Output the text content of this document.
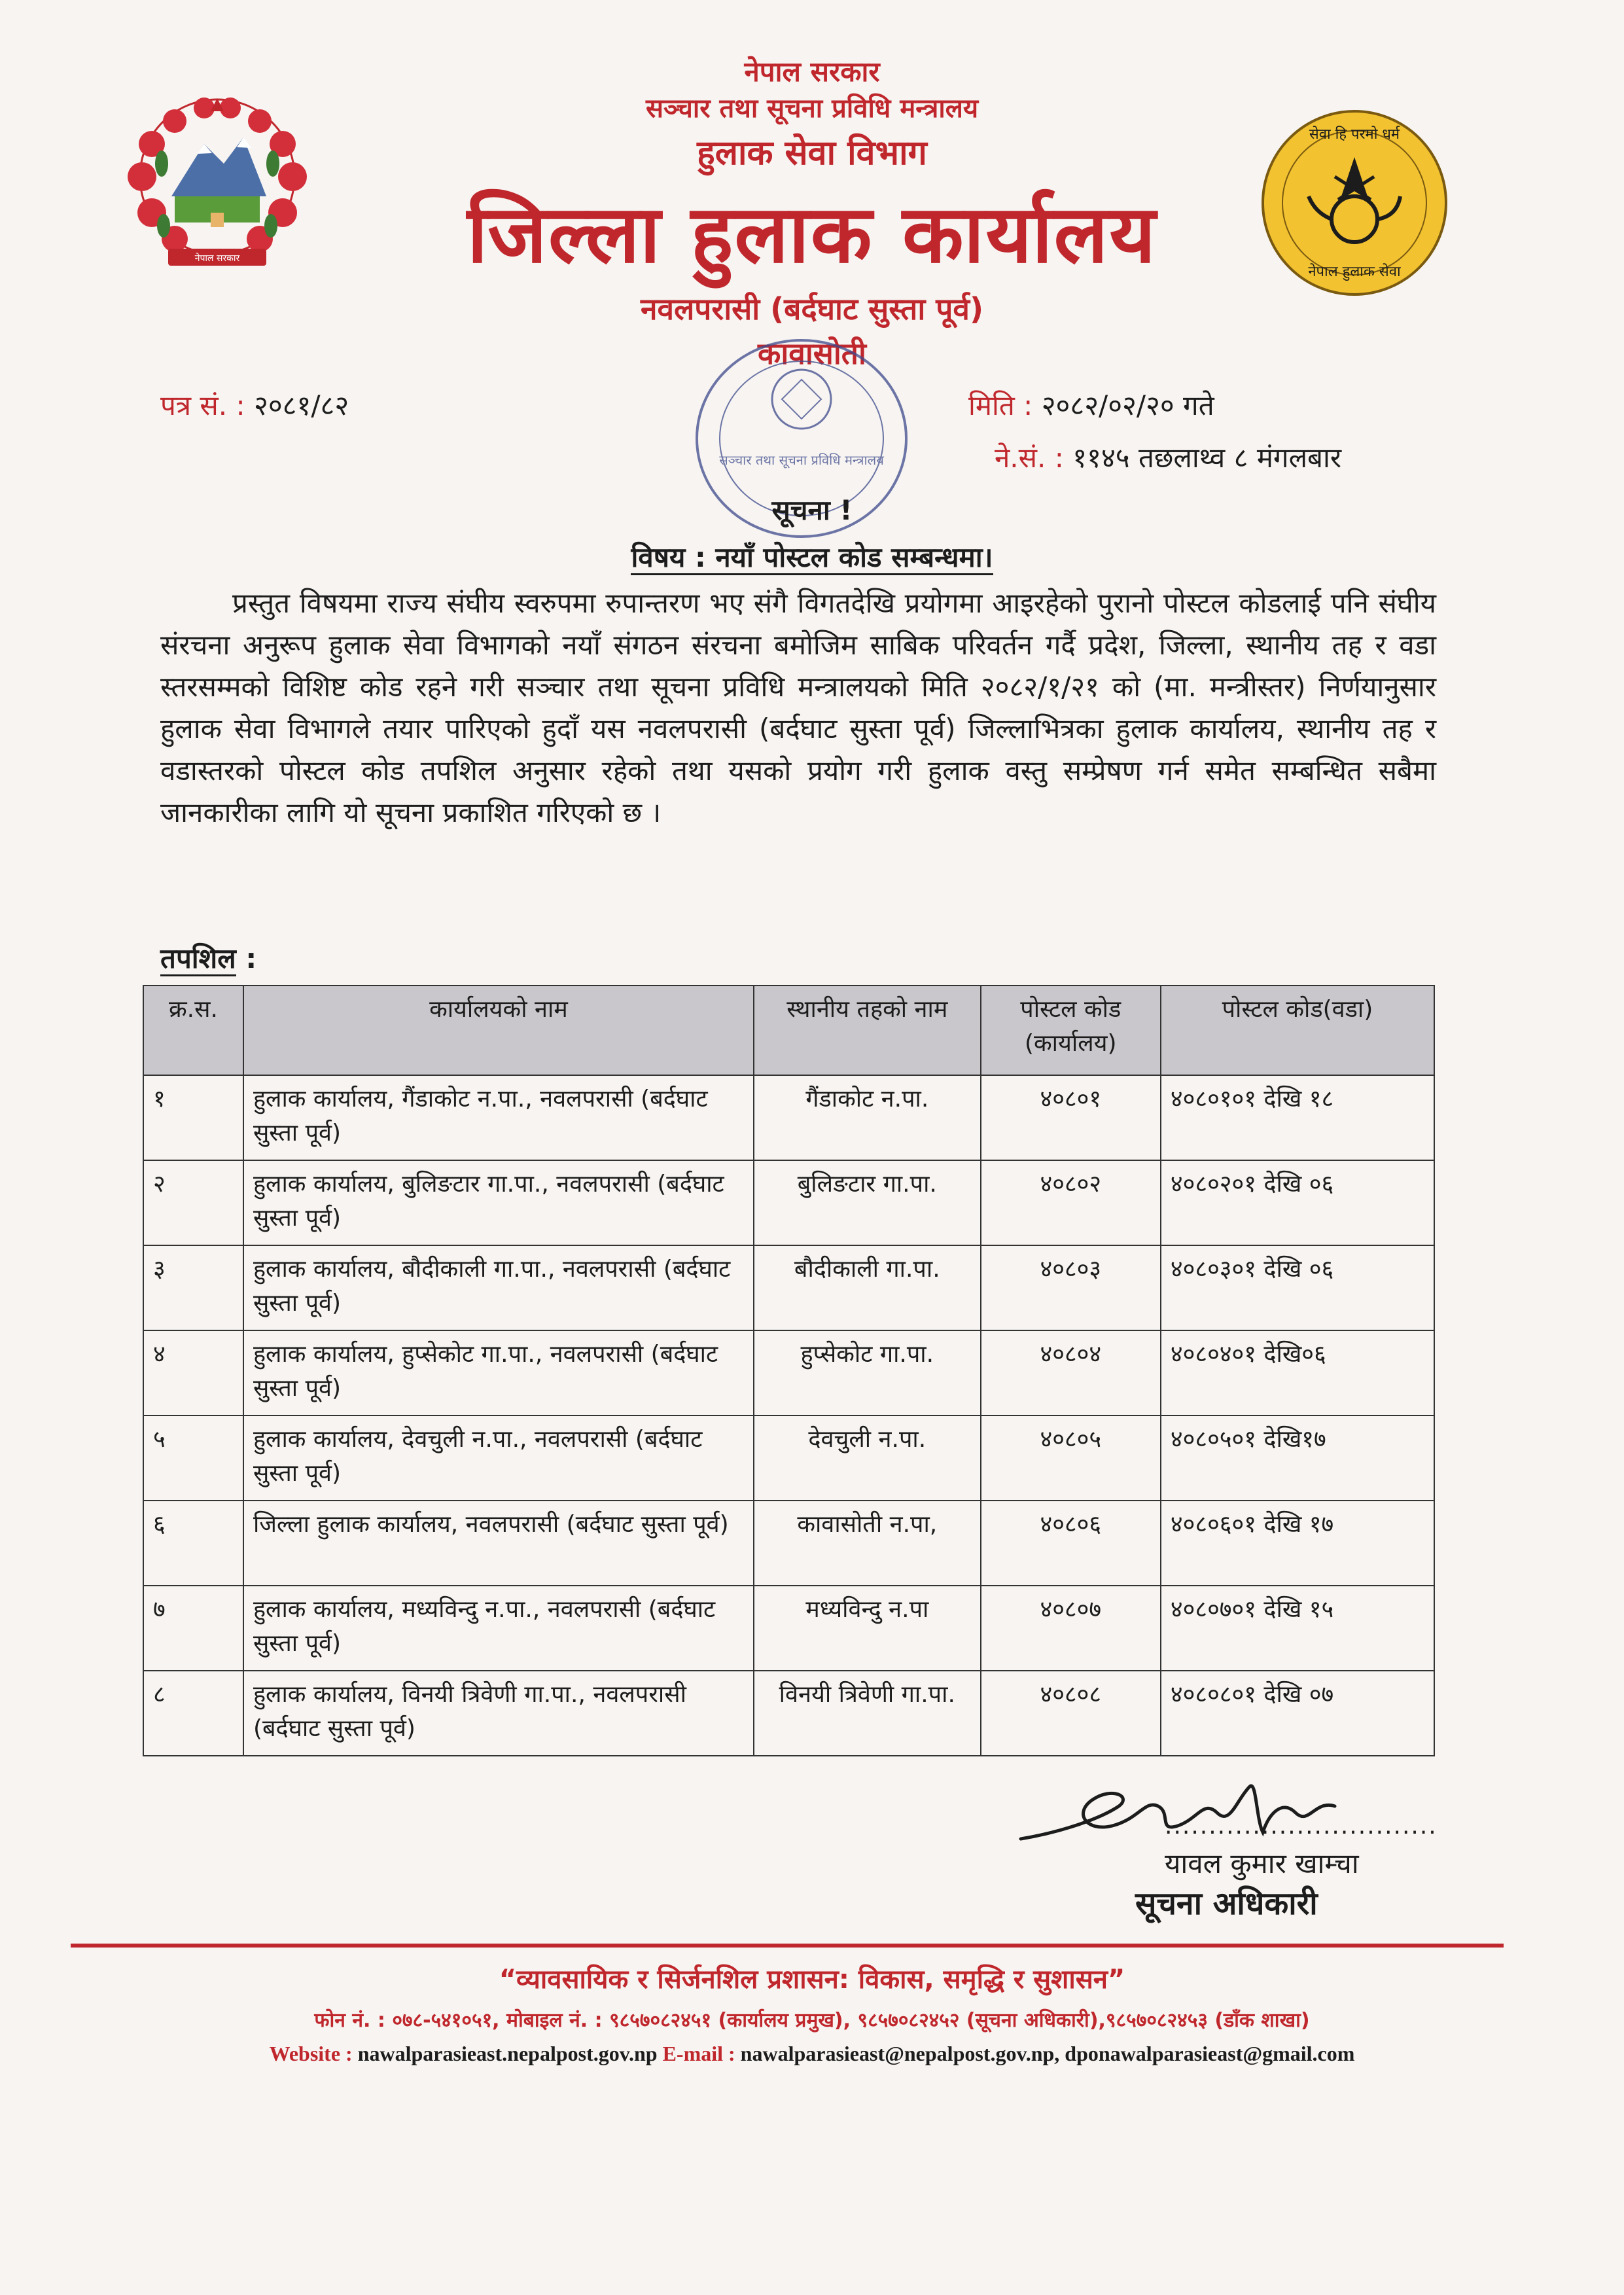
नेपाल सरकार
सेवा हि परमो धर्म
नेपाल हुलाक सेवा
नेपाल सरकार
सञ्चार तथा सूचना प्रविधि मन्त्रालय
हुलाक सेवा विभाग
जिल्ला हुलाक कार्यालय
नवलपरासी (बर्दघाट सुस्ता पूर्व)
कावासोती
सञ्चार तथा सूचना प्रविधि मन्त्रालय
पत्र सं. : २०८१/८२	मिति : २०८२/०२/२० गते
ने.सं. : ११४५ तछलाथ्व ८ मंगलबार
सूचना !
विषय : नयाँ पोस्टल कोड सम्बन्धमा।
प्रस्तुत विषयमा राज्य संघीय स्वरुपमा रुपान्तरण भए संगै विगतदेखि प्रयोगमा आइरहेको पुरानो पोस्टल कोडलाई पनि संघीय संरचना अनुरूप हुलाक सेवा विभागको नयाँ संगठन संरचना बमोजिम साबिक परिवर्तन गर्दै प्रदेश, जिल्ला, स्थानीय तह र वडा स्तरसम्मको विशिष्ट कोड रहने गरी सञ्चार तथा सूचना प्रविधि मन्त्रालयको मिति २०८२/१/२१ को (मा. मन्त्रीस्तर) निर्णयानुसार हुलाक सेवा विभागले तयार पारिएको हुदाँ यस नवलपरासी (बर्दघाट सुस्ता पूर्व) जिल्लाभित्रका हुलाक कार्यालय, स्थानीय तह र वडास्तरको पोस्टल कोड तपशिल अनुसार रहेको तथा यसको प्रयोग गरी हुलाक वस्तु सम्प्रेषण गर्न समेत सम्बन्धित सबैमा जानकारीका लागि यो सूचना प्रकाशित गरिएको छ ।
तपशिल :
क्र.स.	कार्यालयको नाम	स्थानीय तहको नाम	पोस्टल कोड (कार्यालय)	पोस्टल कोड(वडा)
१	हुलाक कार्यालय, गैंडाकोट न.पा., नवलपरासी (बर्दघाट सुस्ता पूर्व)	गैंडाकोट न.पा.	४०८०१	४०८०१०१ देखि १८
२	हुलाक कार्यालय, बुलिङटार गा.पा., नवलपरासी (बर्दघाट सुस्ता पूर्व)	बुलिङटार गा.पा.	४०८०२	४०८०२०१ देखि ०६
३	हुलाक कार्यालय, बौदीकाली गा.पा., नवलपरासी (बर्दघाट सुस्ता पूर्व)	बौदीकाली गा.पा.	४०८०३	४०८०३०१ देखि ०६
४	हुलाक कार्यालय, हुप्सेकोट गा.पा., नवलपरासी (बर्दघाट सुस्ता पूर्व)	हुप्सेकोट गा.पा.	४०८०४	४०८०४०१ देखि०६
५	हुलाक कार्यालय, देवचुली न.पा., नवलपरासी (बर्दघाट सुस्ता पूर्व)	देवचुली न.पा.	४०८०५	४०८०५०१ देखि१७
६	जिल्ला हुलाक कार्यालय, नवलपरासी (बर्दघाट सुस्ता पूर्व)	कावासोती न.पा,	४०८०६	४०८०६०१ देखि १७
७	हुलाक कार्यालय, मध्यविन्दु न.पा., नवलपरासी (बर्दघाट सुस्ता पूर्व)	मध्यविन्दु न.पा	४०८०७	४०८०७०१ देखि १५
८	हुलाक कार्यालय, विनयी त्रिवेणी गा.पा., नवलपरासी (बर्दघाट सुस्ता पूर्व)	विनयी त्रिवेणी गा.पा.	४०८०८	४०८०८०१ देखि ०७
...............................
यावल कुमार खाम्चा
सूचना अधिकारी
“व्यावसायिक र सिर्जनशिल प्रशासन: विकास, समृद्धि र सुशासन”
फोन नं. : ०७८-५४१०५१, मोबाइल नं. : ९८५७०८२४५१ (कार्यालय प्रमुख), ९८५७०८२४५२ (सूचना अधिकारी),९८५७०८२४५३ (डाँक शाखा)
Website : nawalparasieast.nepalpost.gov.np E-mail : nawalparasieast@nepalpost.gov.np, dponawalparasieast@gmail.com
